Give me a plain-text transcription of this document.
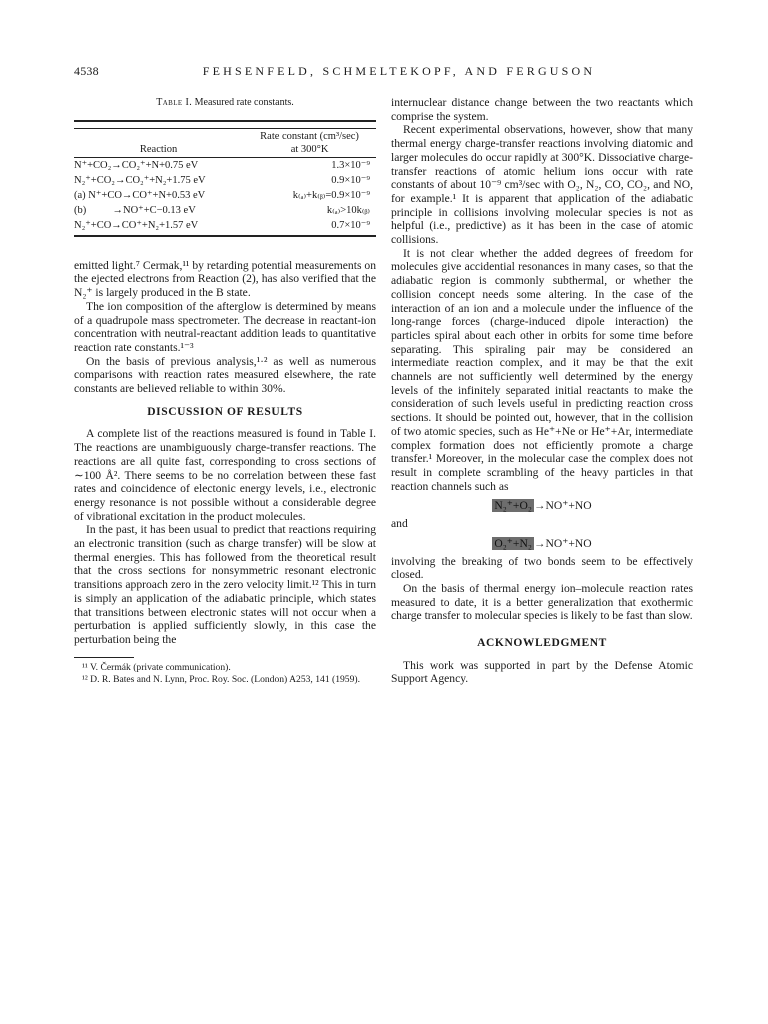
4538	FEHSENFELD, SCHMELTEKOPF, AND FERGUSON
Table I. Measured rate constants.

Reaction	Rate constant (cm³/sec)
at 300°K
N⁺+CO₂→CO₂⁺+N+0.75 eV	1.3×10⁻⁹
N₂⁺+CO₂→CO₂⁺+N₂+1.75 eV	0.9×10⁻⁹
(a) N⁺+CO→CO⁺+N+0.53 eV	k₍ₐ₎+k₍ᵦ₎=0.9×10⁻⁹
(b)          →NO⁺+C−0.13 eV	k₍ₐ₎>10k₍ᵦ₎
N₂⁺+CO→CO⁺+N₂+1.57 eV	0.7×10⁻⁹

emitted light.⁷ Cermak,¹¹ by retarding potential measurements on the ejected electrons from Reaction (2), has also verified that the N₂⁺ is largely produced in the B state.

The ion composition of the afterglow is determined by means of a quadrupole mass spectrometer. The decrease in reactant-ion concentration with neutral-reactant addition leads to quantitative reaction rate constants.¹⁻³

On the basis of previous analysis,¹·² as well as numerous comparisons with reaction rates measured elsewhere, the rate constants are believed reliable to within 30%.

DISCUSSION OF RESULTS

A complete list of the reactions measured is found in Table I. The reactions are unambiguously charge-transfer reactions. The reactions are all quite fast, corresponding to cross sections of ∼100 Å². There seems to be no correlation between these fast rates and coincidence of electonic energy levels, i.e., electronic energy resonance is not possible without a considerable degree of vibrational excitation in the product molecules.

In the past, it has been usual to predict that reactions requiring an electronic transition (such as charge transfer) will be slow at thermal energies. This has followed from the theoretical result that the cross sections for nonsymmetric resonant electronic transitions approach zero in the zero velocity limit.¹² This in turn is simply an application of the adiabatic principle, which states that transitions between electronic states will not occur when a perturbation is applied sufficiently slowly, in this case the perturbation being the

¹¹ V. Čermák (private communication).

¹² D. R. Bates and N. Lynn, Proc. Roy. Soc. (London) A253, 141 (1959).

internuclear distance change between the two reactants which comprise the system.

Recent experimental observations, however, show that many thermal energy charge-transfer reactions involving diatomic and larger molecules do occur rapidly at 300°K. Dissociative charge-transfer reactions of atomic helium ions occur with rate constants of about 10⁻⁹ cm³/sec with O₂, N₂, CO, CO₂, and NO, for example.¹ It is apparent that application of the adiabatic principle in collisions involving molecular species is not as helpful (i.e., predictive) as it has been in the case of atomic collisions.

It is not clear whether the added degrees of freedom for molecules give accidential resonances in many cases, so that the adiabatic region is commonly subthermal, or whether the collision concept needs some altering. In the case of the interaction of an ion and a molecule under the influence of the long-range forces (charge-induced dipole interaction) the particles spiral about each other in orbits for some time before separating. This spiraling pair may be considered an intermediate reaction complex, and it may be that the exit channels are not sufficiently well determined by the energy levels of the infinitely separated initial reactants to make the consideration of such levels useful in predicting reaction cross sections. It should be pointed out, however, that in the collision of two atomic species, such as He⁺+Ne or He⁺+Ar, intermediate complex formation does not efficiently promote a charge transfer.¹ Moreover, in the molecular case the complex does not result in complete scrambling of the heavy particles in that reaction channels such as

N₂⁺+O₂ →NO⁺+NO
and
O₂⁺+N₂ →NO⁺+NO

involving the breaking of two bonds seem to be effectively closed.

On the basis of thermal energy ion–molecule reaction rates measured to date, it is a better generalization that exothermic charge transfer to molecular species is likely to be fast than slow.

ACKNOWLEDGMENT

This work was supported in part by the Defense Atomic Support Agency.
